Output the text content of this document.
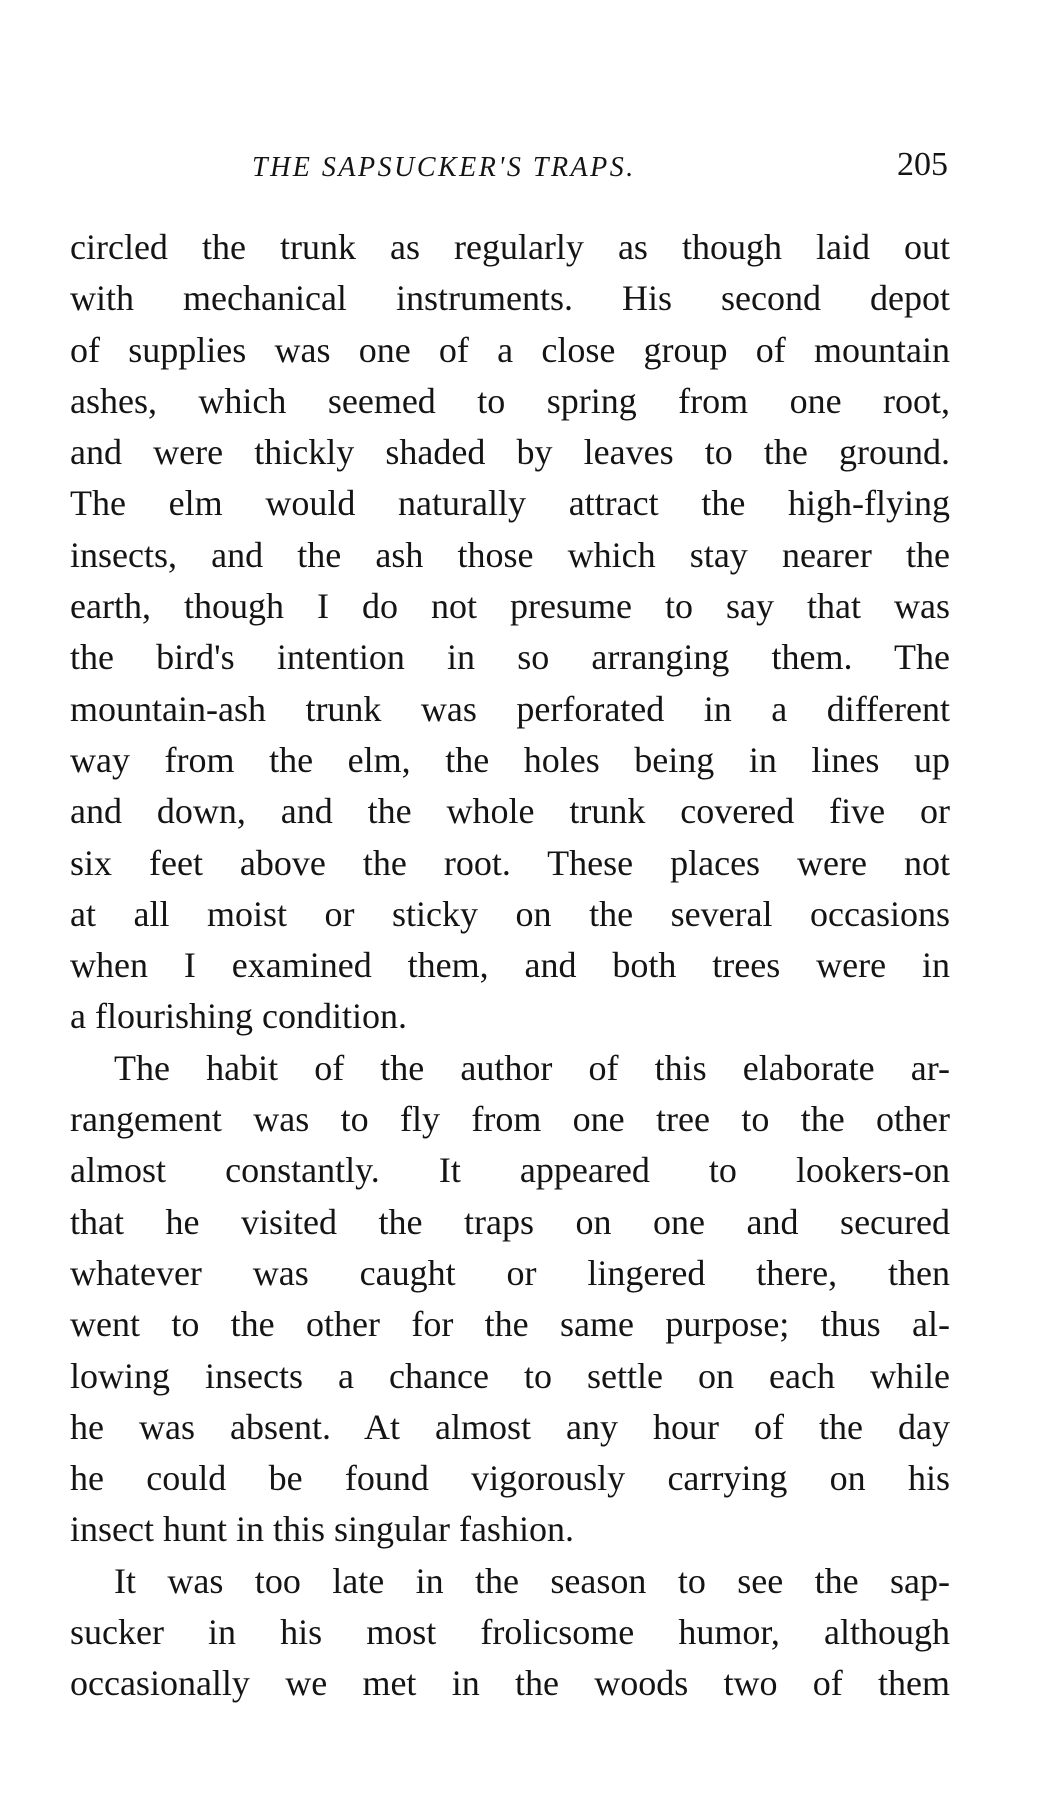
THE SAPSUCKER'S TRAPS.	205
circled the trunk as regularly as though laid out
with mechanical instruments. His second depot
of supplies was one of a close group of mountain
ashes, which seemed to spring from one root,
and were thickly shaded by leaves to the ground.
The elm would naturally attract the high-flying
insects, and the ash those which stay nearer the
earth, though I do not presume to say that was
the bird's intention in so arranging them. The
mountain-ash trunk was perforated in a different
way from the elm, the holes being in lines up
and down, and the whole trunk covered five or
six feet above the root. These places were not
at all moist or sticky on the several occasions
when I examined them, and both trees were in
a flourishing condition.
The habit of the author of this elaborate ar-
rangement was to fly from one tree to the other
almost constantly. It appeared to lookers-on
that he visited the traps on one and secured
whatever was caught or lingered there, then
went to the other for the same purpose; thus al-
lowing insects a chance to settle on each while
he was absent. At almost any hour of the day
he could be found vigorously carrying on his
insect hunt in this singular fashion.
It was too late in the season to see the sap-
sucker in his most frolicsome humor, although
occasionally we met in the woods two of them
